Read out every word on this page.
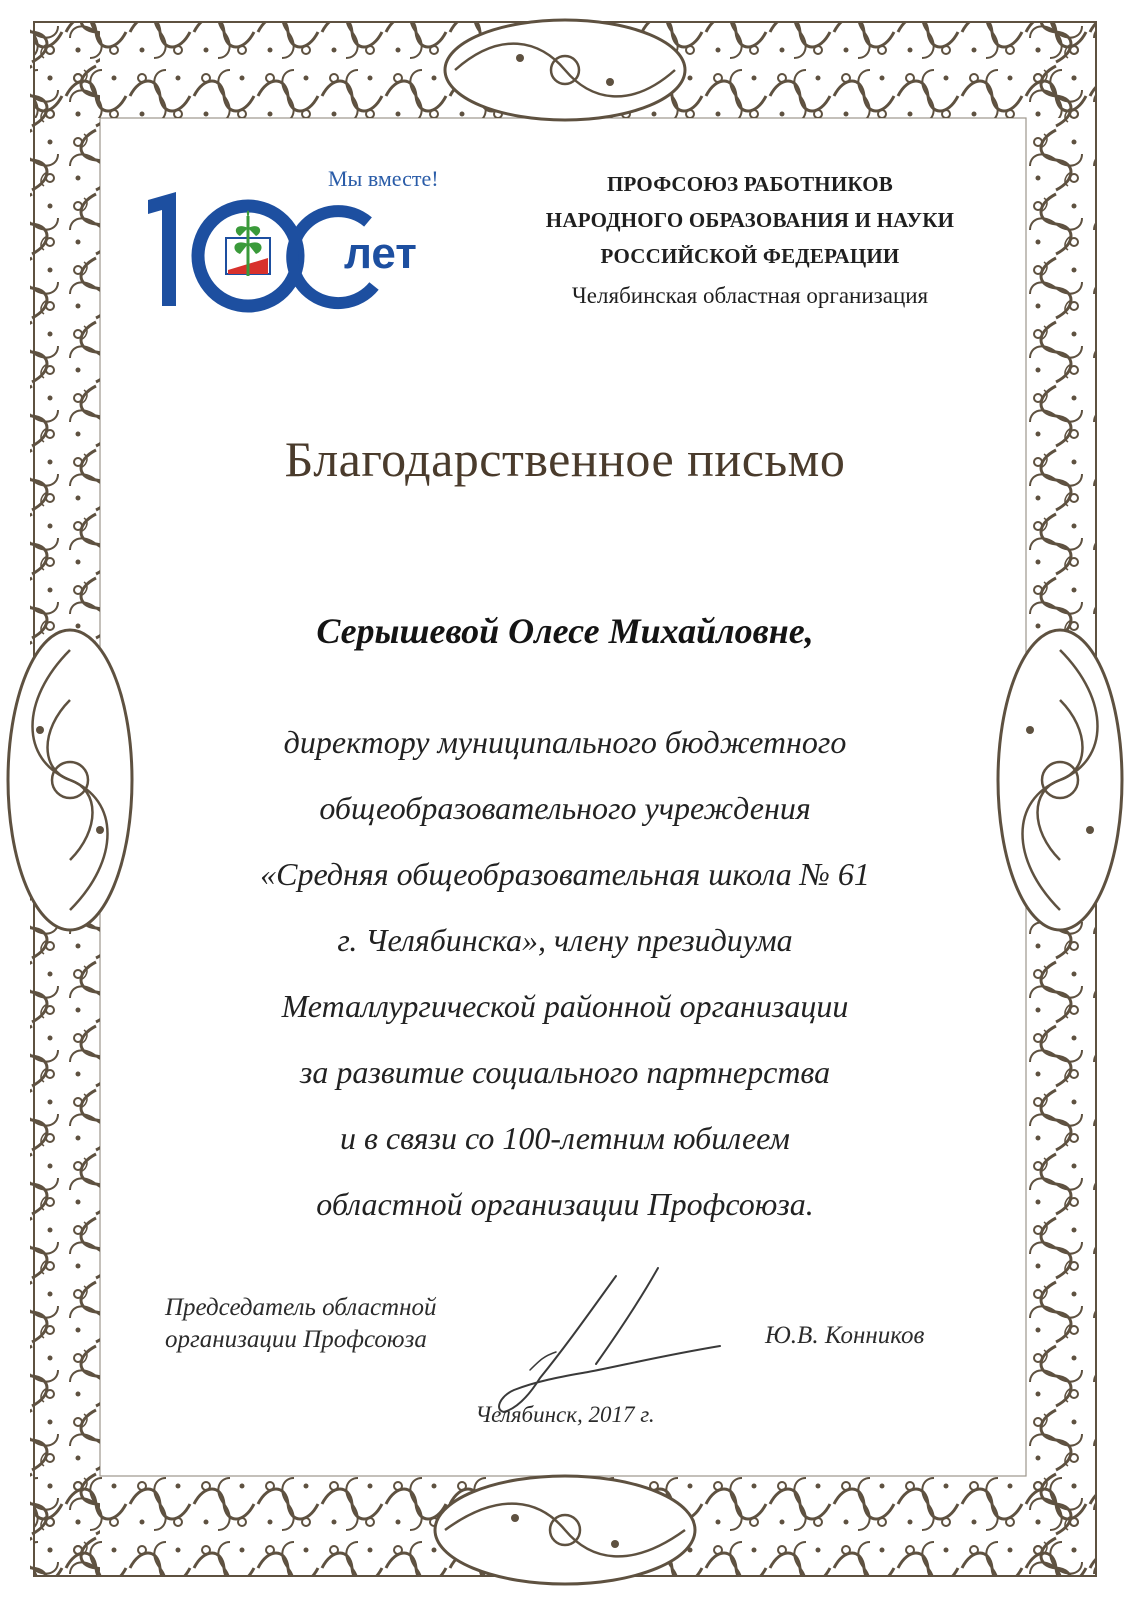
Мы вместе!
лет
ПРОФСОЮЗ РАБОТНИКОВ
НАРОДНОГО ОБРАЗОВАНИЯ И НАУКИ
РОССИЙСКОЙ ФЕДЕРАЦИИ
Челябинская областная организация
Благодарственное письмо
Серышевой Олесе Михайловне,
директору муниципального бюджетного
общеобразовательного учреждения
«Средняя общеобразовательная школа № 61
г. Челябинска», члену президиума
Металлургической районной организации
за развитие социального партнерства
и в связи со 100-летним юбилеем
областной организации Профсоюза.
Председатель областной
организации Профсоюза	Ю.В. Конников
Челябинск, 2017 г.
